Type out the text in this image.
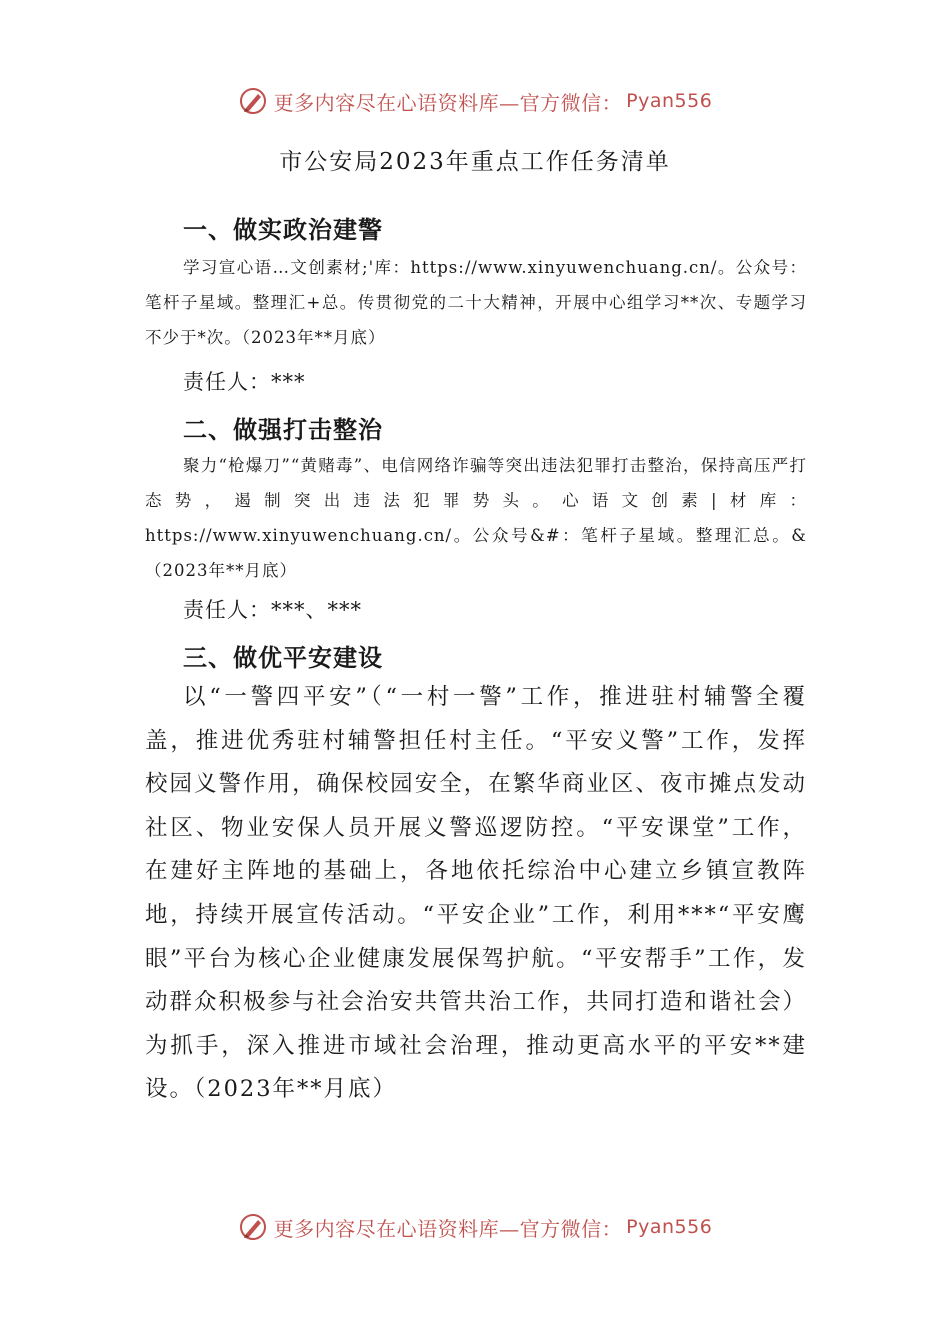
更多内容尽在心语资料库—官方微信： Pyan556
市公安局2023年重点工作任务清单
一、做实政治建警

学习宣心语…文创素材;'库：https://www.xinyuwenchuang.cn/。公众号：笔杆子星域。整理汇+总。传贯彻党的二十大精神，开展中心组学习**次、专题学习不少于*次。（2023年**月底）

责任人：***

二、做强打击整治

聚力“枪爆刀”“黄赌毒”、电信网络诈骗等突出违法犯罪打击整治，保持高压严打态势，遏制突出违法犯罪势头。心语文创素|材库：https://www.xinyuwenchuang.cn/。公众号&#：笔杆子星域。整理汇总。&（2023年**月底）

责任人：***、***

三、做优平安建设

以“一警四平安”（“一村一警”工作，推进驻村辅警全覆盖，推进优秀驻村辅警担任村主任。“平安义警”工作，发挥校园义警作用，确保校园安全，在繁华商业区、夜市摊点发动社区、物业安保人员开展义警巡逻防控。“平安课堂”工作，在建好主阵地的基础上，各地依托综治中心建立乡镇宣教阵地，持续开展宣传活动。“平安企业”工作，利用***“平安鹰眼”平台为核心企业健康发展保驾护航。“平安帮手”工作，发动群众积极参与社会治安共管共治工作，共同打造和谐社会）为抓手，深入推进市域社会治理，推动更高水平的平安**建设。（2023年**月底）

更多内容尽在心语资料库—官方微信： Pyan556
